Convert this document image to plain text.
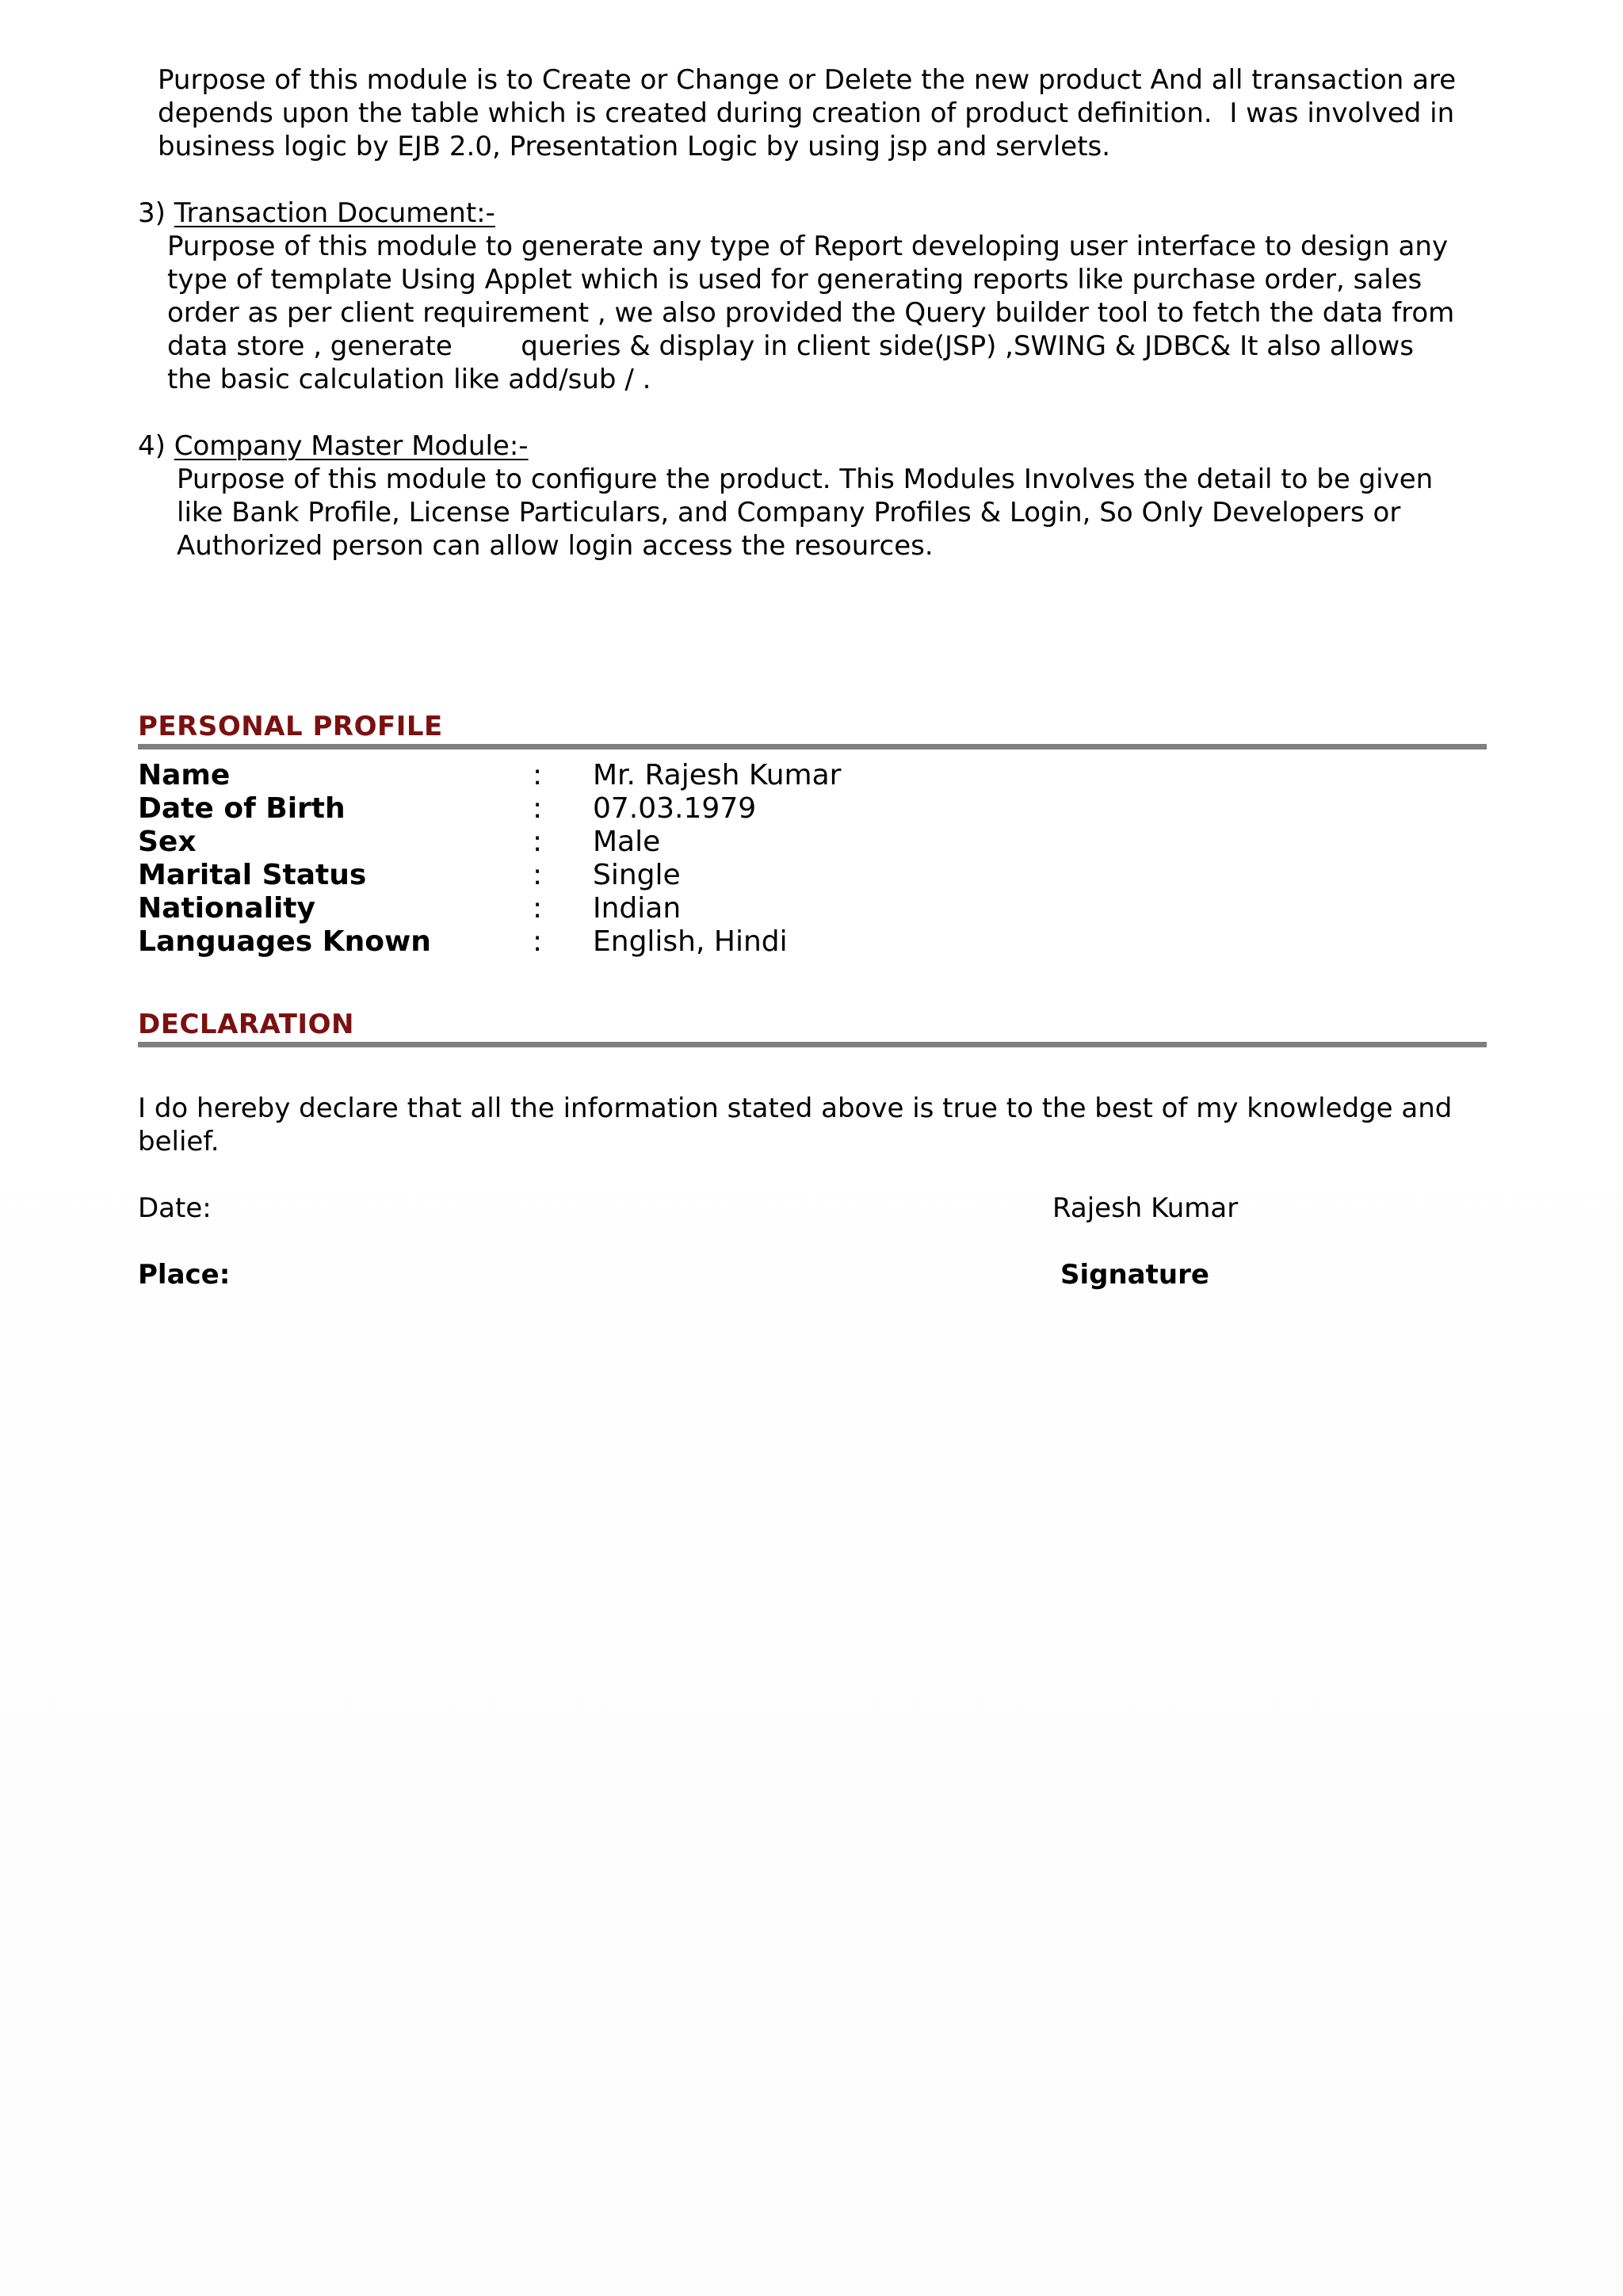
Purpose of this module is to Create or Change or Delete the new product And all transaction are
depends upon the table which is created during creation of product definition.  I was involved in
business logic by EJB 2.0, Presentation Logic by using jsp and servlets.
3) Transaction Document:-
Purpose of this module to generate any type of Report developing user interface to design any
type of template Using Applet which is used for generating reports like purchase order, sales
order as per client requirement , we also provided the Query builder tool to fetch the data from
data store , generate        queries & display in client side(JSP) ,SWING & JDBC& It also allows
the basic calculation like add/sub / .
4) Company Master Module:-
Purpose of this module to configure the product. This Modules Involves the detail to be given
like Bank Profile, License Particulars, and Company Profiles & Login, So Only Developers or
Authorized person can allow login access the resources.
PERSONAL PROFILE
Name	: Mr. Rajesh Kumar
Date of Birth	: 07.03.1979
Sex	: Male
Marital Status	: Single
Nationality	: Indian
Languages Known	: English, Hindi
DECLARATION
I do hereby declare that all the information stated above is true to the best of my knowledge and
belief.
Date:	Rajesh Kumar
Place:	Signature
